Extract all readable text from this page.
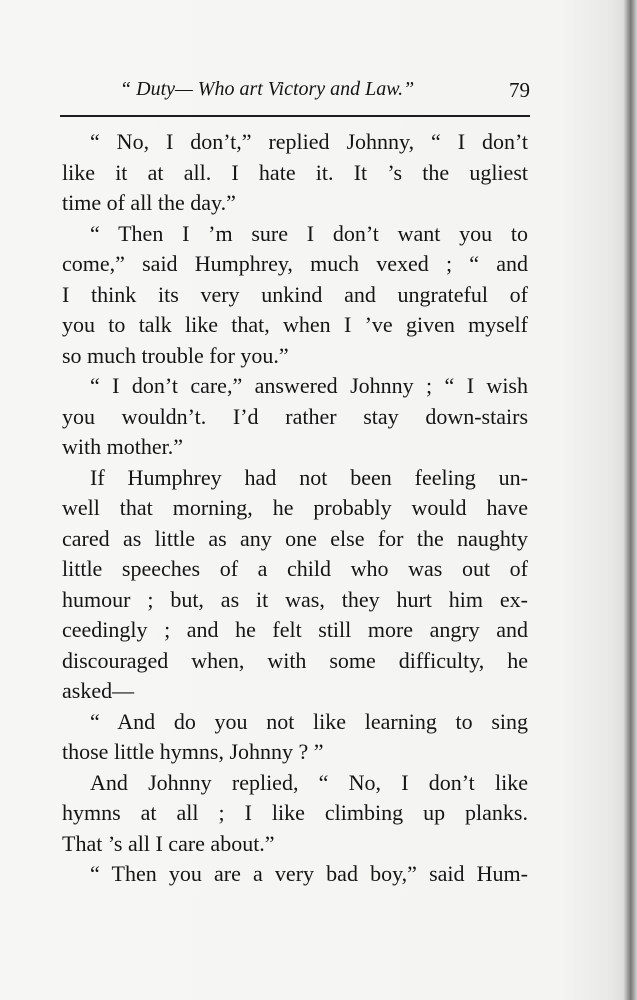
“ Duty— Who art Victory and Law.”	79
“ No, I don’t,” replied Johnny, “ I don’t
like it at all. I hate it. It ’s the ugliest
time of all the day.”
“ Then I ’m sure I don’t want you to
come,” said Humphrey, much vexed ; “ and
I think its very unkind and ungrateful of
you to talk like that, when I ’ve given myself
so much trouble for you.”
“ I don’t care,” answered Johnny ; “ I wish
you wouldn’t. I’d rather stay down-stairs
with mother.”
If Humphrey had not been feeling un-
well that morning, he probably would have
cared as little as any one else for the naughty
little speeches of a child who was out of
humour ; but, as it was, they hurt him ex-
ceedingly ; and he felt still more angry and
discouraged when, with some difficulty, he
asked—
“ And do you not like learning to sing
those little hymns, Johnny ? ”
And Johnny replied, “ No, I don’t like
hymns at all ; I like climbing up planks.
That ’s all I care about.”
“ Then you are a very bad boy,” said Hum-
